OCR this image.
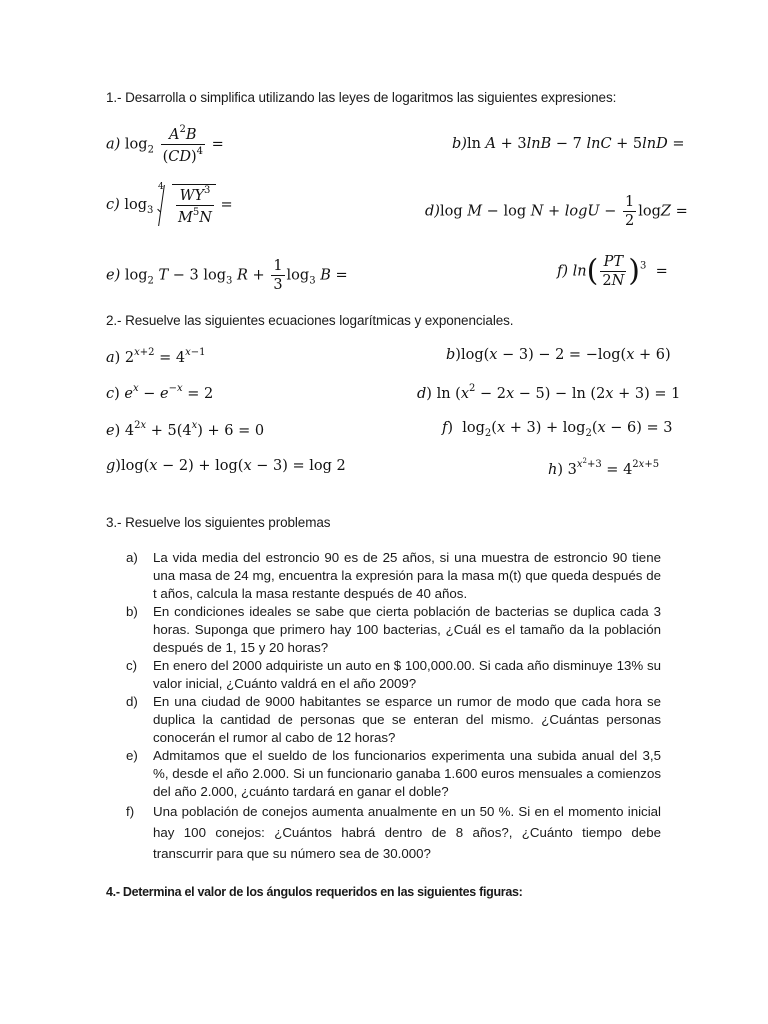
1.- Desarrolla o simplifica utilizando las leyes de logaritmos las siguientes expresiones:
a) $\log_2 \frac{A^2B}{(CD)^4}$ =	b)ln A + 3lnB − 7 lnC + 5lnD =
c) $\log_3$
$4 \frac{WY^3}{M^5N}$ =	d)log $M - \log N + \log U - \frac{1}{2}$ logZ =
e) $\log_2 T - 3$ $\log_3 R + \frac{1}{3} \log_3 B$ =	f) $\ln( \frac{PT}{2N} )^3$  =
2.- Resuelve las siguientes ecuaciones logarítmicas y exponenciales.
a) $2^{x+2} = 4^{x-1}$	b)log(x − 3) − 2 = −log(x + 6)
c) $e^x - e^{-x} = 2$	d) $\ln (x^2 - 2x - 5) - \ln (2x + 3) = 1$
e) $4^{2x} + 5(4^x) + 6 = 0$	f)  $\log_2(x + 3) + \log_2(x - 6) = 3$
g)log(x − 2) + log(x − 3) = log 2	h) $3^{x^2+3} = 4^{2x+5}$
3.- Resuelve los siguientes problemas
a) La vida media del estroncio 90 es de 25 años, si una muestra de estroncio 90 tiene una masa de 24 mg, encuentra la expresión para la masa m(t) que queda después de t años, calcula la masa restante después de 40 años.
b) En condiciones ideales se sabe que cierta población de bacterias se duplica cada 3 horas. Suponga que primero hay 100 bacterias, ¿Cuál es el tamaño da la población después de 1, 15 y 20 horas?
c) En enero del 2000 adquiriste un auto en $ 100,000.00. Si cada año disminuye 13% su valor inicial, ¿Cuánto valdrá en el año 2009?
d) En una ciudad de 9000 habitantes se esparce un rumor de modo que cada hora se duplica la cantidad de personas que se enteran del mismo. ¿Cuántas personas conocerán el rumor al cabo de 12 horas?
e) Admitamos que el sueldo de los funcionarios experimenta una subida anual del 3,5 %, desde el año 2.000. Si un funcionario ganaba 1.600 euros mensuales a comienzos del año 2.000, ¿cuánto tardará en ganar el doble?
f) Una población de conejos aumenta anualmente en un 50 %. Si en el momento inicial hay 100 conejos: ¿Cuántos habrá dentro de 8 años?, ¿Cuánto tiempo debe transcurrir para que su número sea de 30.000?
4.- Determina el valor de los ángulos requeridos en las siguientes figuras:
